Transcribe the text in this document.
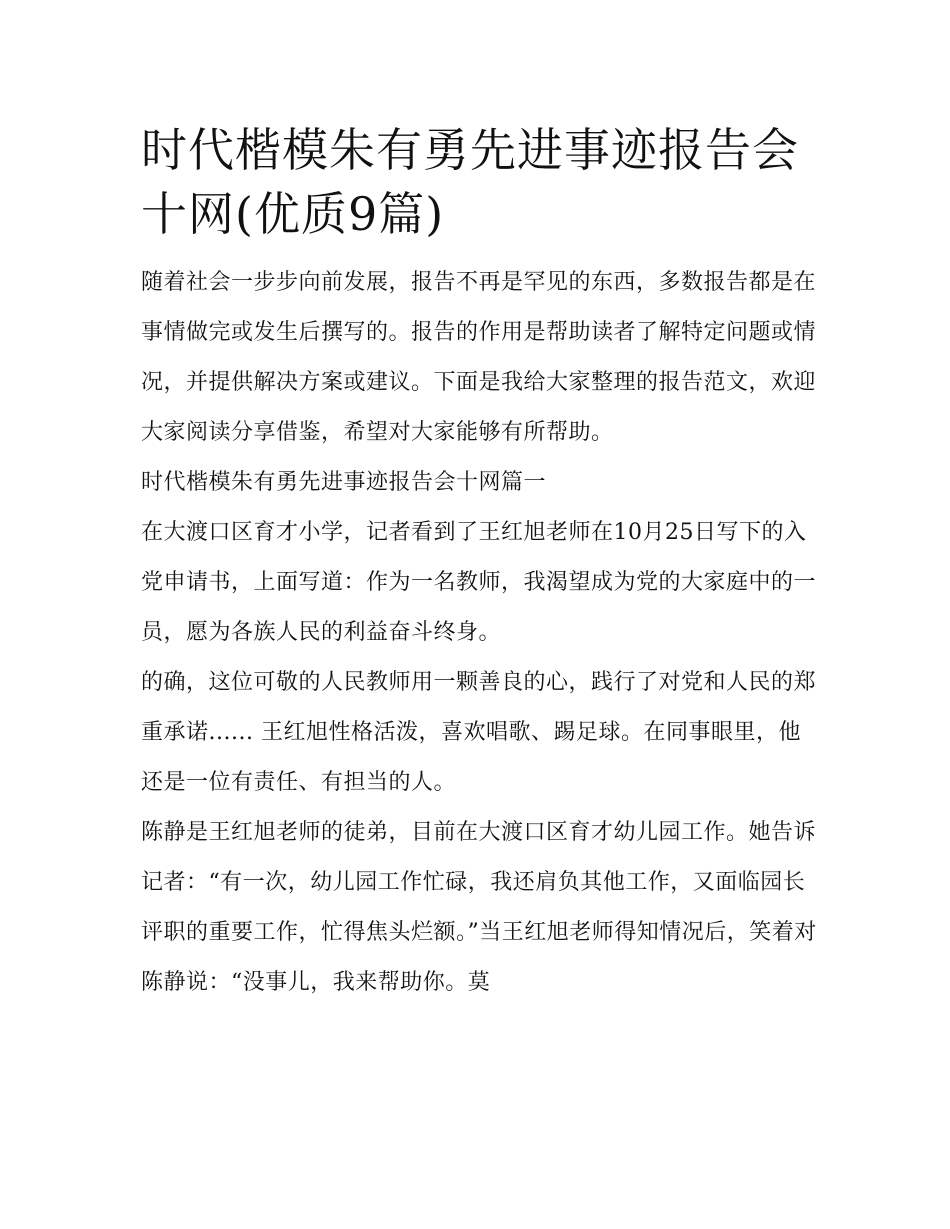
时代楷模朱有勇先进事迹报告会十网(优质9篇)

随着社会一步步向前发展，报告不再是罕见的东西，多数报告都是在事情做完或发生后撰写的。报告的作用是帮助读者了解特定问题或情况，并提供解决方案或建议。下面是我给大家整理的报告范文，欢迎大家阅读分享借鉴，希望对大家能够有所帮助。

时代楷模朱有勇先进事迹报告会十网篇一

在大渡口区育才小学，记者看到了王红旭老师在10月25日写下的入党申请书，上面写道：作为一名教师，我渴望成为党的大家庭中的一员，愿为各族人民的利益奋斗终身。

的确，这位可敬的人民教师用一颗善良的心，践行了对党和人民的郑重承诺...... 王红旭性格活泼，喜欢唱歌、踢足球。在同事眼里，他还是一位有责任、有担当的人。

陈静是王红旭老师的徒弟，目前在大渡口区育才幼儿园工作。她告诉记者：“有一次，幼儿园工作忙碌，我还肩负其他工作，又面临园长评职的重要工作，忙得焦头烂额。”当王红旭老师得知情况后，笑着对陈静说：“没事儿，我来帮助你。莫
